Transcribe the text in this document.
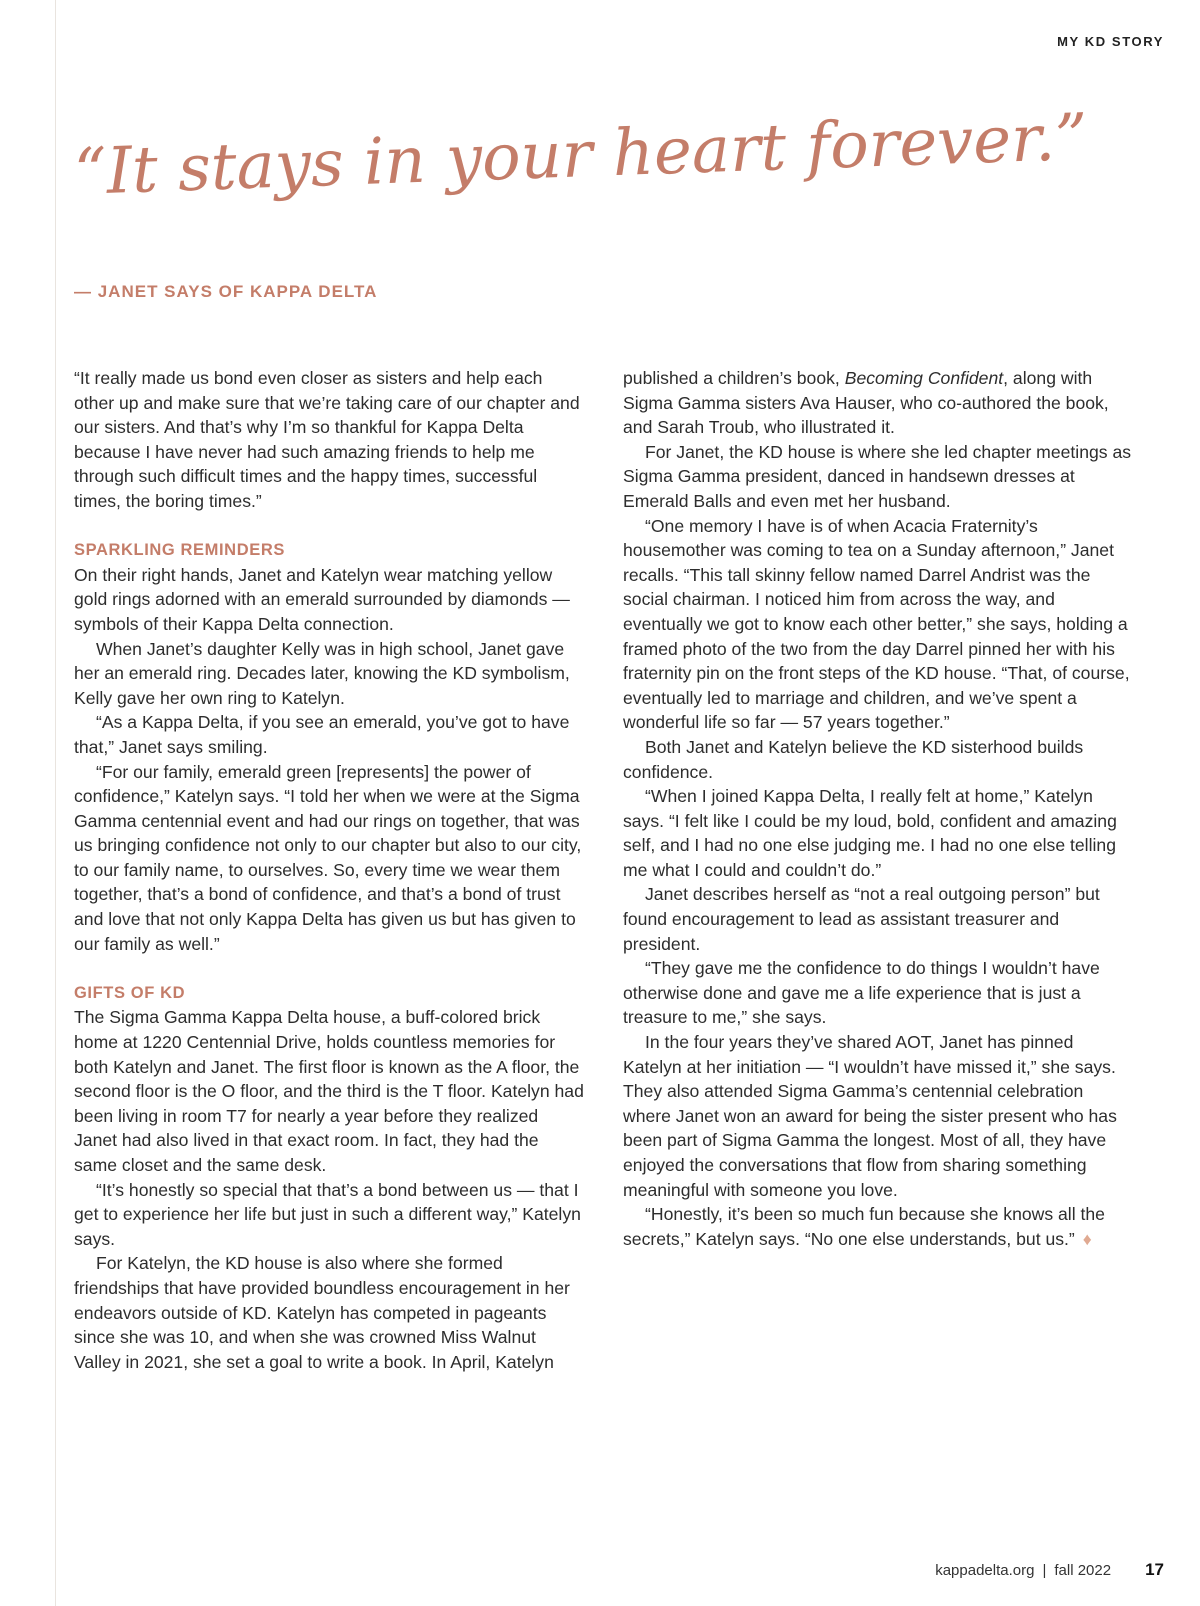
MY KD STORY
“It stays in your heart forever.”
— JANET SAYS OF KAPPA DELTA

“It really made us bond even closer as sisters and help each other up and make sure that we’re taking care of our chapter and our sisters. And that’s why I’m so thankful for Kappa Delta because I have never had such amazing friends to help me through such difficult times and the happy times, successful times, the boring times.”

SPARKLING REMINDERS

On their right hands, Janet and Katelyn wear matching yellow gold rings adorned with an emerald surrounded by diamonds — symbols of their Kappa Delta connection.

When Janet’s daughter Kelly was in high school, Janet gave her an emerald ring. Decades later, knowing the KD symbolism, Kelly gave her own ring to Katelyn.

“As a Kappa Delta, if you see an emerald, you’ve got to have that,” Janet says smiling.

“For our family, emerald green [represents] the power of confidence,” Katelyn says. “I told her when we were at the Sigma Gamma centennial event and had our rings on together, that was us bringing confidence not only to our chapter but also to our city, to our family name, to ourselves. So, every time we wear them together, that’s a bond of confidence, and that’s a bond of trust and love that not only Kappa Delta has given us but has given to our family as well.”

GIFTS OF KD

The Sigma Gamma Kappa Delta house, a buff-colored brick home at 1220 Centennial Drive, holds countless memories for both Katelyn and Janet. The first floor is known as the A floor, the second floor is the O floor, and the third is the T floor. Katelyn had been living in room T7 for nearly a year before they realized Janet had also lived in that exact room. In fact, they had the same closet and the same desk.

“It’s honestly so special that that’s a bond between us — that I get to experience her life but just in such a different way,” Katelyn says.

For Katelyn, the KD house is also where she formed friendships that have provided boundless encouragement in her endeavors outside of KD. Katelyn has competed in pageants since she was 10, and when she was crowned Miss Walnut Valley in 2021, she set a goal to write a book. In April, Katelyn

published a children’s book, Becoming Confident, along with Sigma Gamma sisters Ava Hauser, who co-authored the book, and Sarah Troub, who illustrated it.

For Janet, the KD house is where she led chapter meetings as Sigma Gamma president, danced in handsewn dresses at Emerald Balls and even met her husband.

“One memory I have is of when Acacia Fraternity’s housemother was coming to tea on a Sunday afternoon,” Janet recalls. “This tall skinny fellow named Darrel Andrist was the social chairman. I noticed him from across the way, and eventually we got to know each other better,” she says, holding a framed photo of the two from the day Darrel pinned her with his fraternity pin on the front steps of the KD house. “That, of course, eventually led to marriage and children, and we’ve spent a wonderful life so far — 57 years together.”

Both Janet and Katelyn believe the KD sisterhood builds confidence.

“When I joined Kappa Delta, I really felt at home,” Katelyn says. “I felt like I could be my loud, bold, confident and amazing self, and I had no one else judging me. I had no one else telling me what I could and couldn’t do.”

Janet describes herself as “not a real outgoing person” but found encouragement to lead as assistant treasurer and president.

“They gave me the confidence to do things I wouldn’t have otherwise done and gave me a life experience that is just a treasure to me,” she says.

In the four years they’ve shared AOT, Janet has pinned Katelyn at her initiation — “I wouldn’t have missed it,” she says. They also attended Sigma Gamma’s centennial celebration where Janet won an award for being the sister present who has been part of Sigma Gamma the longest. Most of all, they have enjoyed the conversations that flow from sharing something meaningful with someone you love.

“Honestly, it’s been so much fun because she knows all the secrets,” Katelyn says. “No one else understands, but us.” ♦

kappadelta.org | fall 2022 17
